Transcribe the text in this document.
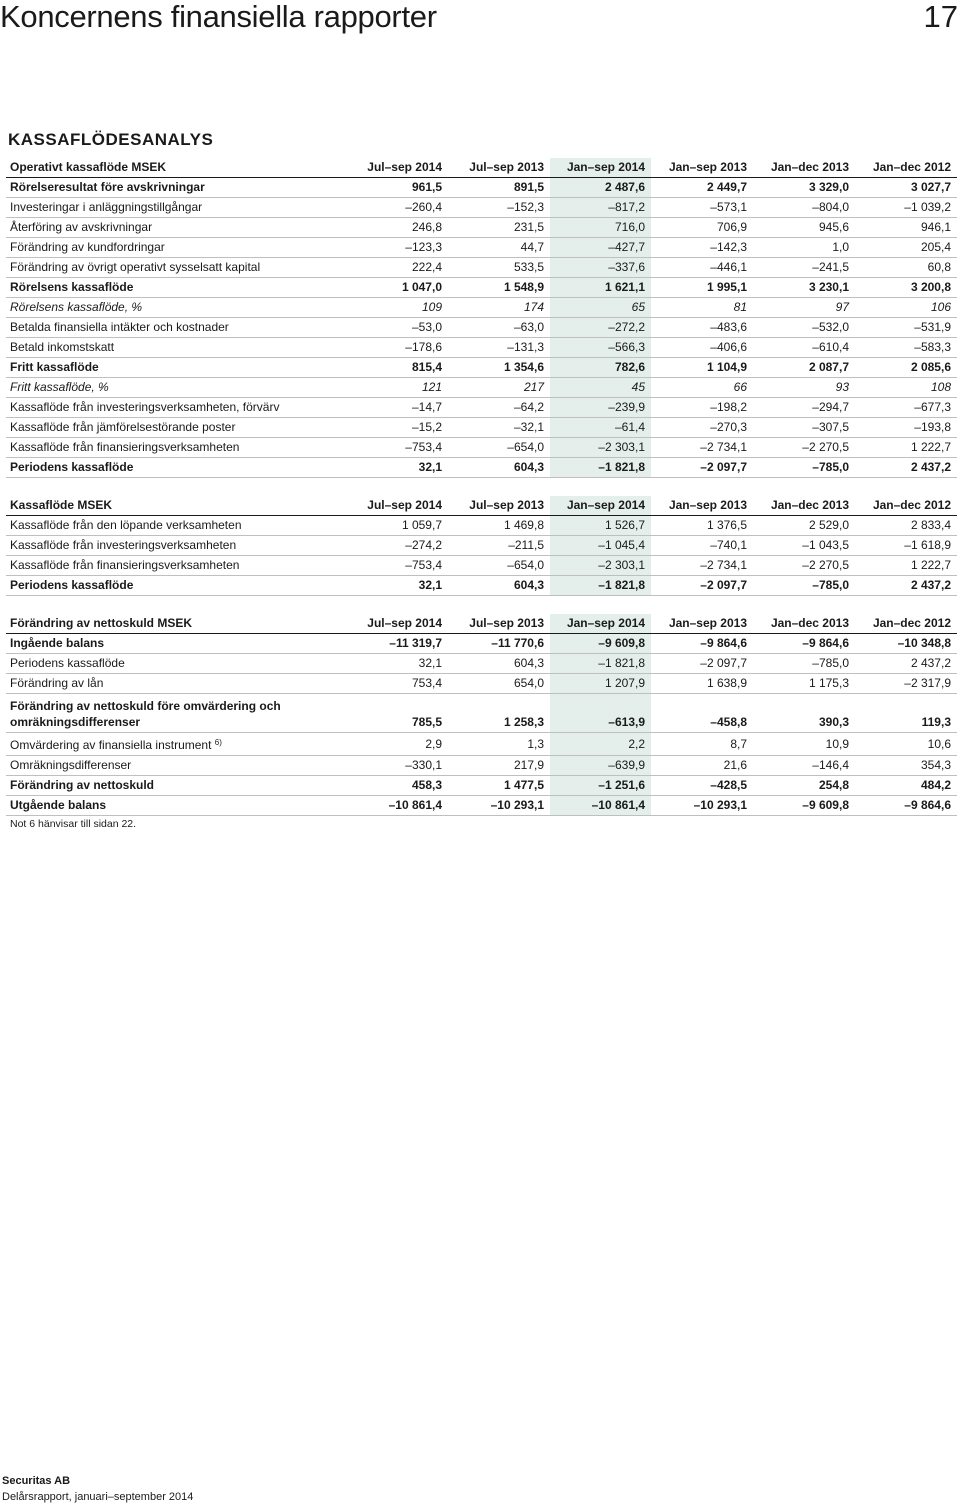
Koncernens finansiella rapporter	17
KASSAFLÖDESANALYS
Operativt kassaflöde MSEK	Jul–sep 2014	Jul–sep 2013	Jan–sep 2014	Jan–sep 2013	Jan–dec 2013	Jan–dec 2012
Rörelseresultat före avskrivningar	961,5	891,5	2 487,6	2 449,7	3 329,0	3 027,7
Investeringar i anläggningstillgångar	–260,4	–152,3	–817,2	–573,1	–804,0	–1 039,2
Återföring av avskrivningar	246,8	231,5	716,0	706,9	945,6	946,1
Förändring av kundfordringar	–123,3	44,7	–427,7	–142,3	1,0	205,4
Förändring av övrigt operativt sysselsatt kapital	222,4	533,5	–337,6	–446,1	–241,5	60,8
Rörelsens kassaflöde	1 047,0	1 548,9	1 621,1	1 995,1	3 230,1	3 200,8
Rörelsens kassaflöde, %	109	174	65	81	97	106
Betalda finansiella intäkter och kostnader	–53,0	–63,0	–272,2	–483,6	–532,0	–531,9
Betald inkomstskatt	–178,6	–131,3	–566,3	–406,6	–610,4	–583,3
Fritt kassaflöde	815,4	1 354,6	782,6	1 104,9	2 087,7	2 085,6
Fritt kassaflöde, %	121	217	45	66	93	108
Kassaflöde från investeringsverksamheten, förvärv	–14,7	–64,2	–239,9	–198,2	–294,7	–677,3
Kassaflöde från jämförelsestörande poster	–15,2	–32,1	–61,4	–270,3	–307,5	–193,8
Kassaflöde från finansieringsverksamheten	–753,4	–654,0	–2 303,1	–2 734,1	–2 270,5	1 222,7
Periodens kassaflöde	32,1	604,3	–1 821,8	–2 097,7	–785,0	2 437,2
Kassaflöde MSEK	Jul–sep 2014	Jul–sep 2013	Jan–sep 2014	Jan–sep 2013	Jan–dec 2013	Jan–dec 2012
Kassaflöde från den löpande verksamheten	1 059,7	1 469,8	1 526,7	1 376,5	2 529,0	2 833,4
Kassaflöde från investeringsverksamheten	–274,2	–211,5	–1 045,4	–740,1	–1 043,5	–1 618,9
Kassaflöde från finansieringsverksamheten	–753,4	–654,0	–2 303,1	–2 734,1	–2 270,5	1 222,7
Periodens kassaflöde	32,1	604,3	–1 821,8	–2 097,7	–785,0	2 437,2
Förändring av nettoskuld MSEK	Jul–sep 2014	Jul–sep 2013	Jan–sep 2014	Jan–sep 2013	Jan–dec 2013	Jan–dec 2012
Ingående balans	–11 319,7	–11 770,6	–9 609,8	–9 864,6	–9 864,6	–10 348,8
Periodens kassaflöde	32,1	604,3	–1 821,8	–2 097,7	–785,0	2 437,2
Förändring av lån	753,4	654,0	1 207,9	1 638,9	1 175,3	–2 317,9
Förändring av nettoskuld före omvärdering och omräkningsdifferenser	785,5	1 258,3	–613,9	–458,8	390,3	119,3
Omvärdering av finansiella instrument $^{6)}$	2,9	1,3	2,2	8,7	10,9	10,6
Omräkningsdifferenser	–330,1	217,9	–639,9	21,6	–146,4	354,3
Förändring av nettoskuld	458,3	1 477,5	–1 251,6	–428,5	254,8	484,2
Utgående balans	–10 861,4	–10 293,1	–10 861,4	–10 293,1	–9 609,8	–9 864,6
Not 6 hänvisar till sidan 22.
Securitas AB
Delårsrapport, januari–september 2014
